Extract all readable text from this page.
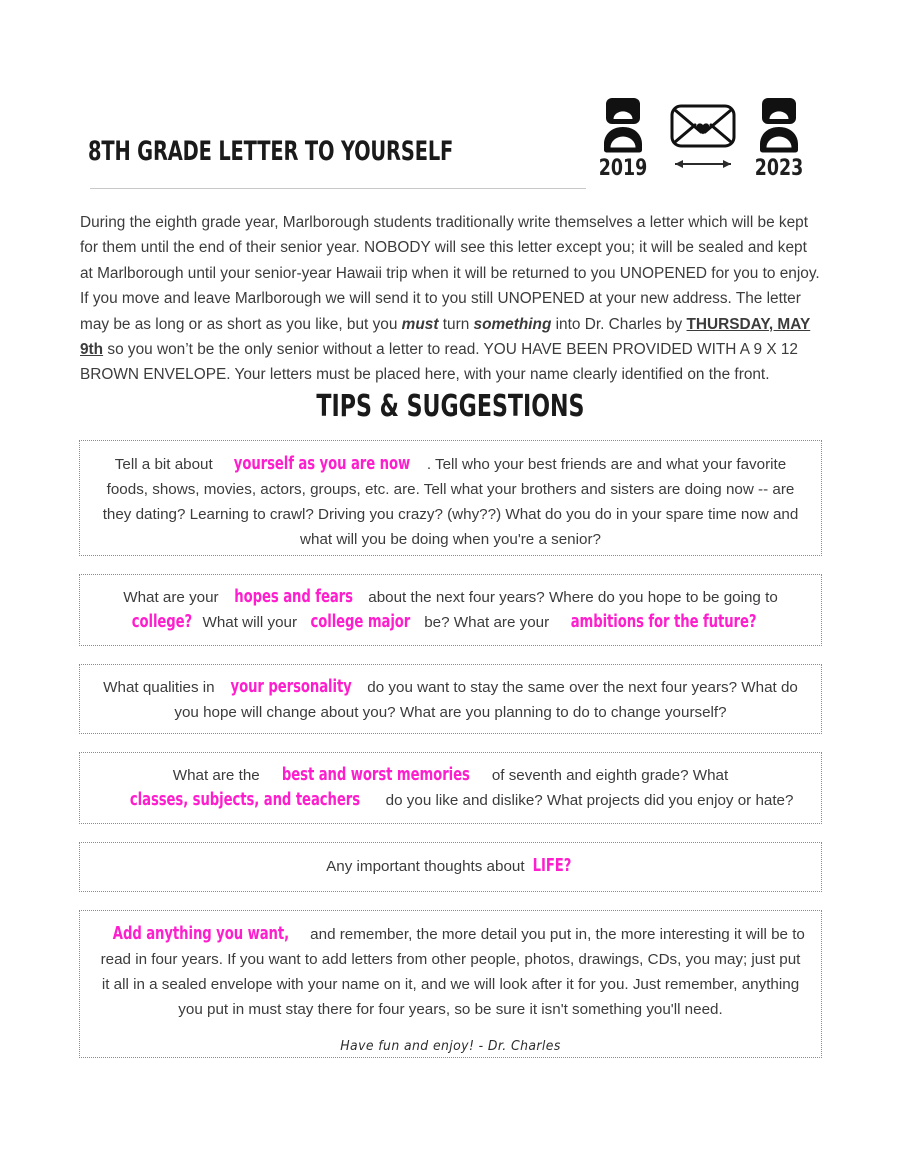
8TH GRADE LETTER TO YOURSELF
2019	2023
During the eighth grade year, Marlborough students traditionally write themselves a letter which will be kept for them until the end of their senior year. NOBODY will see this letter except you; it will be sealed and kept at Marlborough until your senior-year Hawaii trip when it will be returned to you UNOPENED for you to enjoy. If you move and leave Marlborough we will send it to you still UNOPENED at your new address. The letter may be as long or as short as you like, but you must turn something into Dr. Charles by THURSDAY, MAY 9th so you won’t be the only senior without a letter to read. YOU HAVE BEEN PROVIDED WITH A 9 X 12 BROWN ENVELOPE. Your letters must be placed here, with your name clearly identified on the front.
TIPS & SUGGESTIONS
Tell a bit about yourself as you are now . Tell who your best friends are and what your favorite foods, shows, movies, actors, groups, etc. are. Tell what your brothers and sisters are doing now -- are they dating? Learning to crawl? Driving you crazy? (why??) What do you do in your spare time now and what will you be doing when you're a senior?
What are your hopes and fears about the next four years? Where do you hope to be going to college? What will your college major be? What are your ambitions for the future?
What qualities in your personality do you want to stay the same over the next four years? What do you hope will change about you? What are you planning to do to change yourself?
What are the best and worst memories of seventh and eighth grade? What classes, subjects, and teachers do you like and dislike? What projects did you enjoy or hate?
Any important thoughts about LIFE?
Add anything you want, and remember, the more detail you put in, the more interesting it will be to read in four years. If you want to add letters from other people, photos, drawings, CDs, you may; just put it all in a sealed envelope with your name on it, and we will look after it for you. Just remember, anything you put in must stay there for four years, so be sure it isn't something you'll need.
Have fun and enjoy! - Dr. Charles
